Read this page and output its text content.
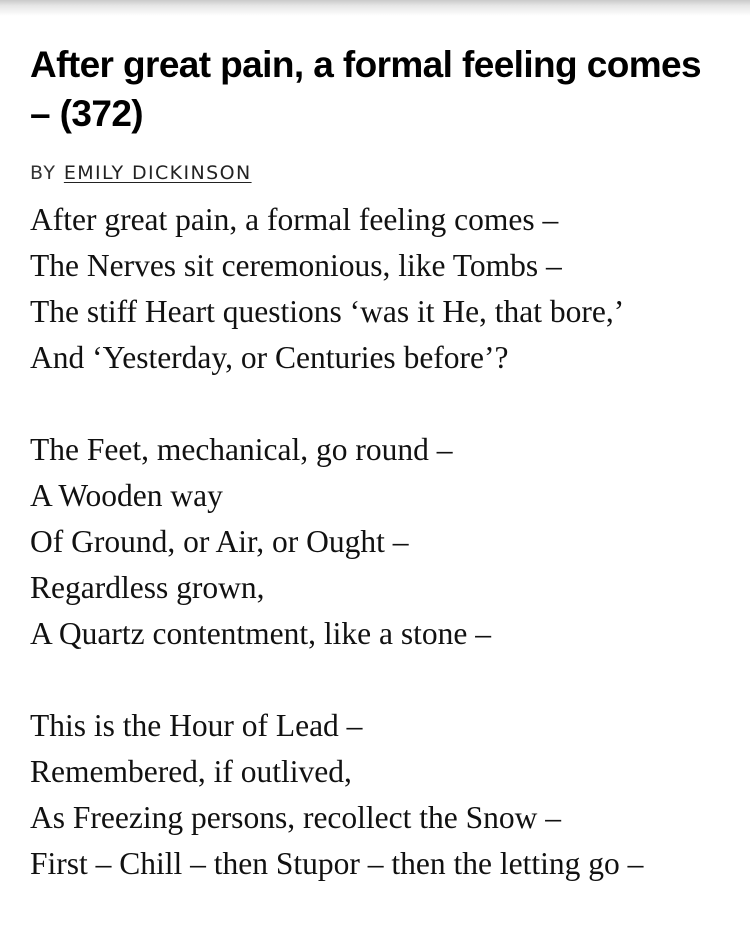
After great pain, a formal feeling comes – (372)
BY EMILY DICKINSON
After great pain, a formal feeling comes –
The Nerves sit ceremonious, like Tombs –
The stiff Heart questions ‘was it He, that bore,’
And ‘Yesterday, or Centuries before’?
The Feet, mechanical, go round –
A Wooden way
Of Ground, or Air, or Ought –
Regardless grown,
A Quartz contentment, like a stone –
This is the Hour of Lead –
Remembered, if outlived,
As Freezing persons, recollect the Snow –
First – Chill – then Stupor – then the letting go –
